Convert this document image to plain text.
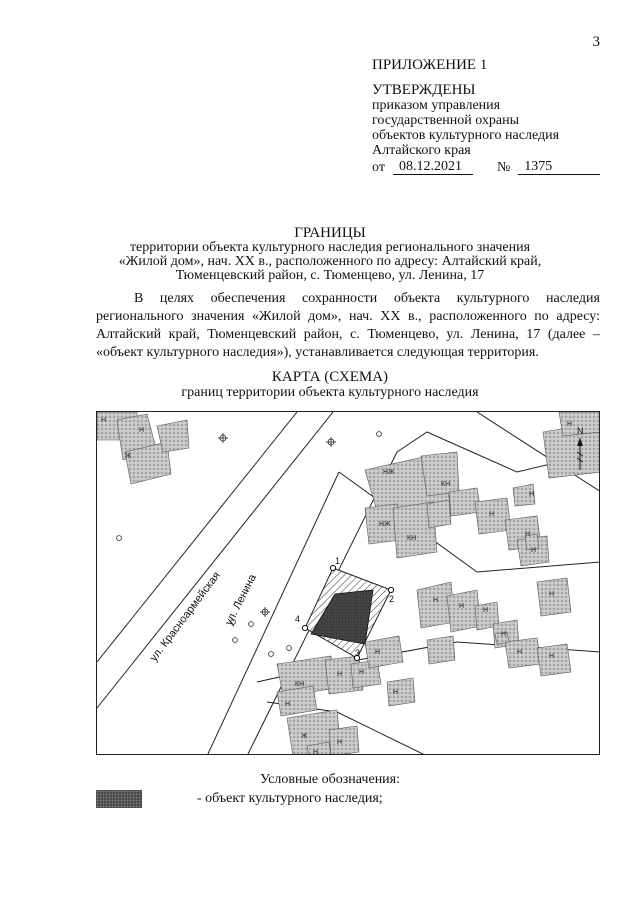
3
ПРИЛОЖЕНИЕ 1
УТВЕРЖДЕНЫ
приказом управления
государственной охраны
объектов культурного наследия
Алтайского края
от	08.12.2021	№	1375
ГРАНИЦЫ
территории объекта культурного наследия регионального значения
«Жилой дом», нач. XX в., расположенного по адресу: Алтайский край,
Тюменцевский район, с. Тюменцево, ул. Ленина, 17
В целях обеспечения сохранности объекта культурного наследия регионального значения «Жилой дом», нач. XX в., расположенного по адресу: Алтайский край, Тюменцевский район, с. Тюменцево, ул. Ленина, 17 (далее – «объект культурного наследия»), устанавливается следующая территория.
КАРТА (СХЕМА)
границ территории объекта культурного наследия
1
2
3
4
Н
Н
Ж
НЖ
КН
НЖ
КН
Н
Н
Н
Н
Н
Н
Н
Н
Н
Н
Н
Н
Н
КН
Н
Н
Н
Ж
Н
Н
Н
ул. Красноармейская ул. Ленина
N
Условные обозначения:
- объект культурного наследия;
